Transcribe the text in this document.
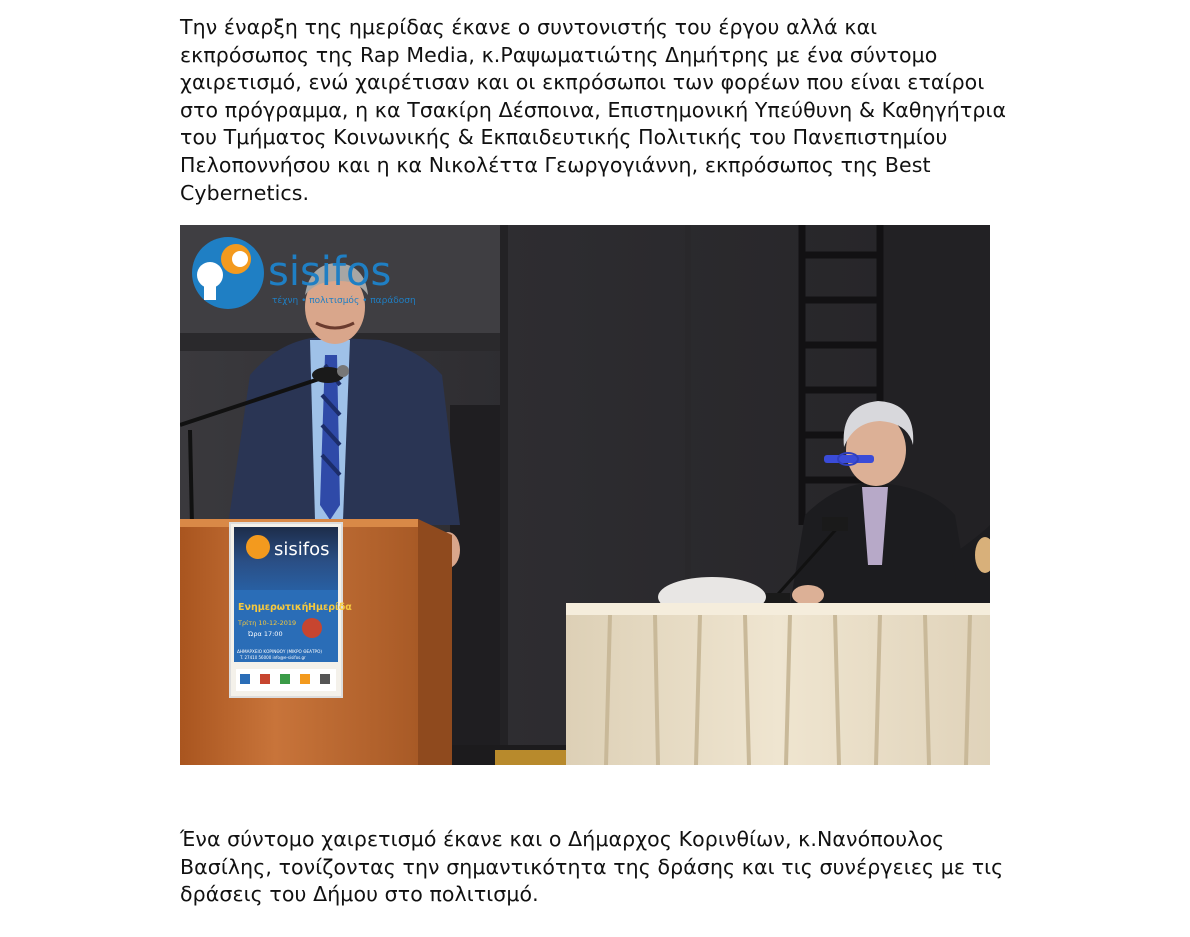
Την έναρξη της ημερίδας έκανε ο συντονιστής του έργου αλλά και εκπρόσωπος της Rap Media, κ.Ραψωματιώτης Δημήτρης με ένα σύντομο χαιρετισμό, ενώ χαιρέτισαν και οι εκπρόσωποι των φορέων που είναι εταίροι στο πρόγραμμα, η κα Τσακίρη Δέσποινα, Επιστημονική Υπεύθυνη & Καθηγήτρια του Τμήματος Κοινωνικής & Εκπαιδευτικής Πολιτικής του Πανεπιστημίου Πελοποννήσου και η κα Νικολέττα Γεωργογιάννη, εκπρόσωπος της Best Cybernetics.

sisifos
Ενημερωτική Ημερίδα
Τρίτη 10-12-2019
Ώρα 17:00
ΔΗΜΑΡΧΕΙΟ ΚΟΡΙΝΘΟΥ (ΜΙΚΡΟ ΘΕΑΤΡΟ)
T. 27410 56000 info@e-sisifos.gr
sisifos
τέχνη • πολιτισμός • παράδοση

Ένα σύντομο χαιρετισμό έκανε και ο Δήμαρχος Κορινθίων, κ.Νανόπουλος Βασίλης, τονίζοντας την σημαντικότητα της δράσης και τις συνέργειες με τις δράσεις του Δήμου στο πολιτισμό.
